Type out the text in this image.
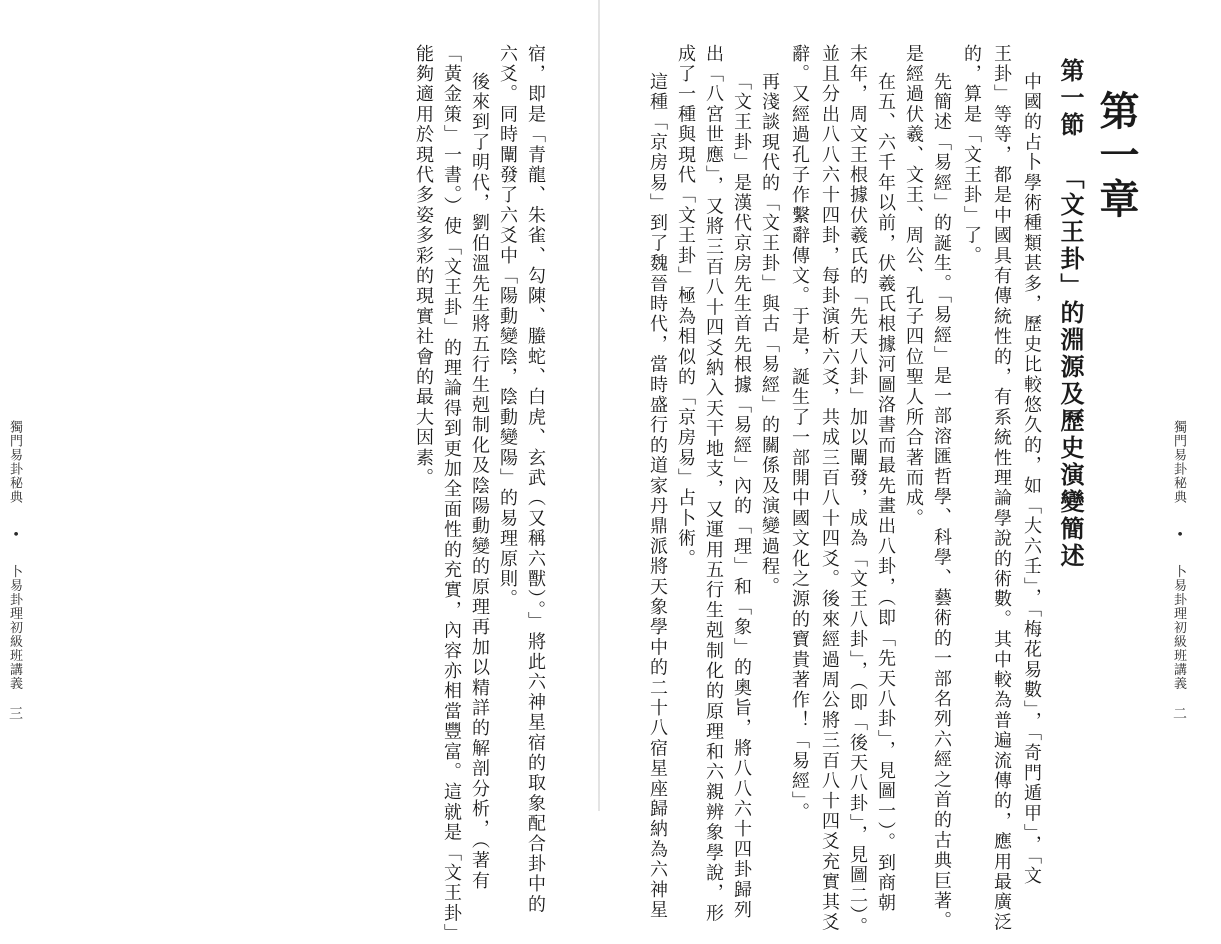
第一章
第一節「文王卦」的淵源及歷史演變簡述
中國的占卜學術種類甚多，歷史比較悠久的，如「大六壬」，「梅花易數」，「奇門遁甲」，「文
王卦」等等，都是中國具有傳統性的，有系統性理論學說的術數。其中較為普遍流傳的，應用最廣泛
的，算是「文王卦」了。
先簡述「易經」的誕生。「易經」是一部溶匯哲學、科學、藝術的一部名列六經之首的古典巨著。
是經過伏羲、文王、周公、孔子四位聖人所合著而成。
在五、六千年以前，伏羲氏根據河圖洛書而最先畫出八卦，（即「先天八卦」，見圖一）。到商朝
末年，周文王根據伏羲氏的「先天八卦」加以闡發，成為「文王八卦」，（即「後天八卦」，見圖二）。
並且分出八八六十四卦，每卦演析六爻，共成三百八十四爻。後來經過周公將三百八十四爻充實其爻
辭。又經過孔子作繫辭傳文。于是，誕生了一部開中國文化之源的寶貴著作！「易經」。
再淺談現代的「文王卦」與古「易經」的關係及演變過程。
「文王卦」是漢代京房先生首先根據「易經」內的「理」和「象」的奧旨，將八八六十四卦歸列
出「八宮世應」，又將三百八十四爻納入天干地支，又運用五行生剋制化的原理和六親辨象學說，形
成了一種與現代「文王卦」極為相似的「京房易」占卜術。
這種「京房易」到了魏晉時代，當時盛行的道家丹鼎派將天象學中的二十八宿星座歸納為六神星	獨門易卦秘典•卜易卦理初級班講義
二
宿，即是「青龍、朱雀、勾陳、螣蛇、白虎、玄武（又稱六獸）。」將此六神星宿的取象配合卦中的
六爻。同時闡發了六爻中「陽動變陰，陰動變陽」的易理原則。
後來到了明代，劉伯溫先生將五行生剋制化及陰陽動變的原理再加以精詳的解剖分析，（著有
「黃金策」一書。）使「文王卦」的理論得到更加全面性的充實，內容亦相當豐富。這就是「文王卦」
能夠適用於現代多姿多彩的現實社會的最大因素。
獨門易卦秘典•卜易卦理初級班講義
三
